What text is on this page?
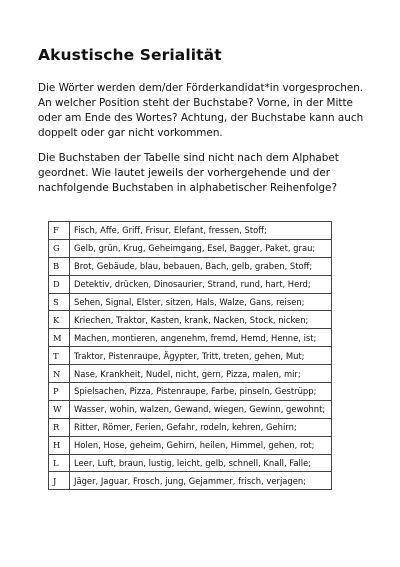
Akustische Serialität

Die Wörter werden dem/der Förderkandidat*in vorgesprochen. An welcher Position steht der Buchstabe? Vorne, in der Mitte oder am Ende des Wortes? Achtung, der Buchstabe kann auch doppelt oder gar nicht vorkommen.

Die Buchstaben der Tabelle sind nicht nach dem Alphabet geordnet. Wie lautet jeweils der vorhergehende und der nachfolgende Buchstaben in alphabetischer Reihenfolge?

F	Fisch, Affe, Griff, Frisur, Elefant, fressen, Stoff;
G	Gelb, grün, Krug, Geheimgang, Esel, Bagger, Paket, grau;
B	Brot, Gebäude, blau, bebauen, Bach, gelb, graben, Stoff;
D	Detektiv, drücken, Dinosaurier, Strand, rund, hart, Herd;
S	Sehen, Signal, Elster, sitzen, Hals, Walze, Gans, reisen;
K	Kriechen, Traktor, Kasten, krank, Nacken, Stock, nicken;
M	Machen, montieren, angenehm, fremd, Hemd, Henne, ist;
T	Traktor, Pistenraupe, Ägypter, Tritt, treten, gehen, Mut;
N	Nase, Krankheit, Nudel, nicht, gern, Pizza, malen, mir;
P	Spielsachen, Pizza, Pistenraupe, Farbe, pinseln, Gestrüpp;
W	Wasser, wohin, walzen, Gewand, wiegen, Gewinn, gewohnt;
R	Ritter, Römer, Ferien, Gefahr, rodeln, kehren, Gehirn;
H	Holen, Hose, geheim, Gehirn, heilen, Himmel, gehen, rot;
L	Leer, Luft, braun, lustig, leicht, gelb, schnell, Knall, Falle;
J	Jäger, Jaguar, Frosch, jung, Gejammer, frisch, verjagen;
